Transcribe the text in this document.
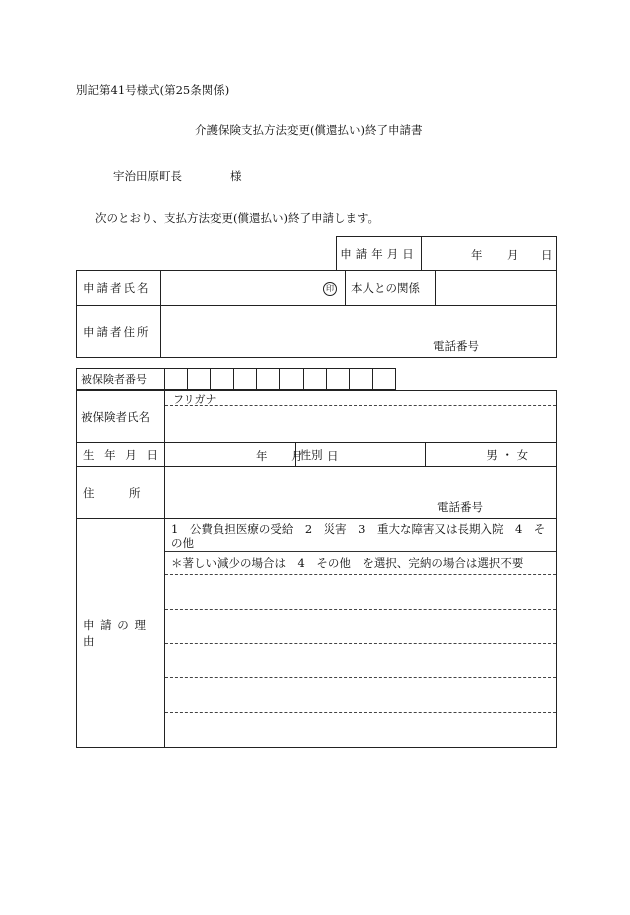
別記第41号様式(第25条関係)
介護保険支払方法変更(償還払い)終了申請書
宇治田原町長	様
次のとおり、支払方法変更(償還払い)終了申請します。
申請年月日	年 月 日
申請者氏名	印	本人との関係	
申請者住所	電話番号		
被保険者番号										
被保険者氏名	フリガナ		

生 年 月 日	年 月 日	性別	男 ・ 女
住　　　所	電話番号		

申 請 の 理 由	1　公費負担医療の受給　2　災害　3　重大な障害又は長期入院　4　そ
の他
＊著しい減少の場合は　4　その他　を選択、完納の場合は選択不要		
